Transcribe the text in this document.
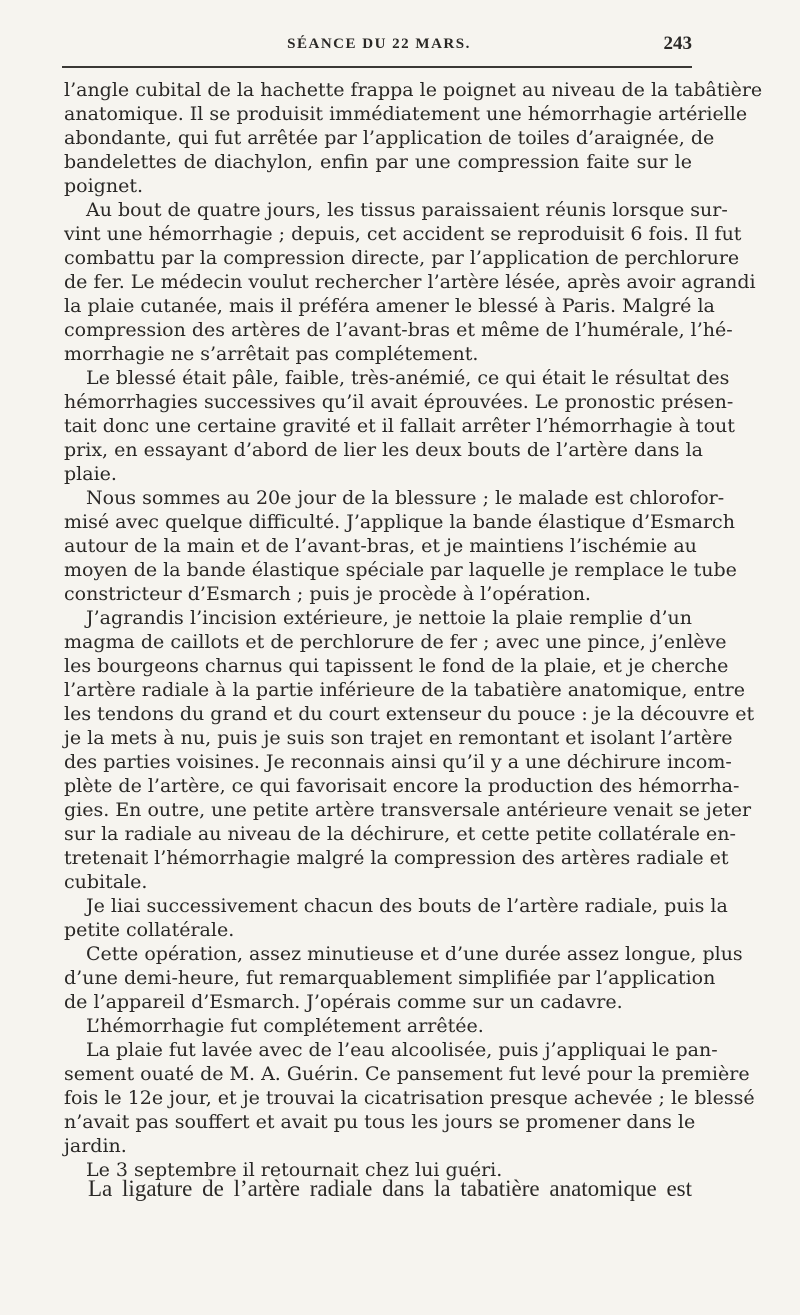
SÉANCE DU 22 MARS.	243
l’angle cubital de la hachette frappa le poignet au niveau de la tabâtière
anatomique. Il se produisit immédiatement une hémorrhagie artérielle
abondante, qui fut arrêtée par l’application de toiles d’araignée, de
bandelettes de diachylon, enfin par une compression faite sur le
poignet.
Au bout de quatre jours, les tissus paraissaient réunis lorsque sur-
vint une hémorrhagie ; depuis, cet accident se reproduisit 6 fois. Il fut
combattu par la compression directe, par l’application de perchlorure
de fer. Le médecin voulut rechercher l’artère lésée, après avoir agrandi
la plaie cutanée, mais il préféra amener le blessé à Paris. Malgré la
compression des artères de l’avant-bras et même de l’humérale, l’hé-
morrhagie ne s’arrêtait pas complétement.
Le blessé était pâle, faible, très-anémié, ce qui était le résultat des
hémorrhagies successives qu’il avait éprouvées. Le pronostic présen-
tait donc une certaine gravité et il fallait arrêter l’hémorrhagie à tout
prix, en essayant d’abord de lier les deux bouts de l’artère dans la
plaie.
Nous sommes au 20e jour de la blessure ; le malade est chlorofor-
misé avec quelque difficulté. J’applique la bande élastique d’Esmarch
autour de la main et de l’avant-bras, et je maintiens l’ischémie au
moyen de la bande élastique spéciale par laquelle je remplace le tube
constricteur d’Esmarch ; puis je procède à l’opération.
J’agrandis l’incision extérieure, je nettoie la plaie remplie d’un
magma de caillots et de perchlorure de fer ; avec une pince, j’enlève
les bourgeons charnus qui tapissent le fond de la plaie, et je cherche
l’artère radiale à la partie inférieure de la tabatière anatomique, entre
les tendons du grand et du court extenseur du pouce : je la découvre et
je la mets à nu, puis je suis son trajet en remontant et isolant l’artère
des parties voisines. Je reconnais ainsi qu’il y a une déchirure incom-
plète de l’artère, ce qui favorisait encore la production des hémorrha-
gies. En outre, une petite artère transversale antérieure venait se jeter
sur la radiale au niveau de la déchirure, et cette petite collatérale en-
tretenait l’hémorrhagie malgré la compression des artères radiale et
cubitale.
Je liai successivement chacun des bouts de l’artère radiale, puis la
petite collatérale.
Cette opération, assez minutieuse et d’une durée assez longue, plus
d’une demi-heure, fut remarquablement simplifiée par l’application
de l’appareil d’Esmarch. J’opérais comme sur un cadavre.
L’hémorrhagie fut complétement arrêtée.
La plaie fut lavée avec de l’eau alcoolisée, puis j’appliquai le pan-
sement ouaté de M. A. Guérin. Ce pansement fut levé pour la première
fois le 12e jour, et je trouvai la cicatrisation presque achevée ; le blessé
n’avait pas souffert et avait pu tous les jours se promener dans le
jardin.
Le 3 septembre il retournait chez lui guéri.
La ligature de l’artère radiale dans la tabatière anatomique est
